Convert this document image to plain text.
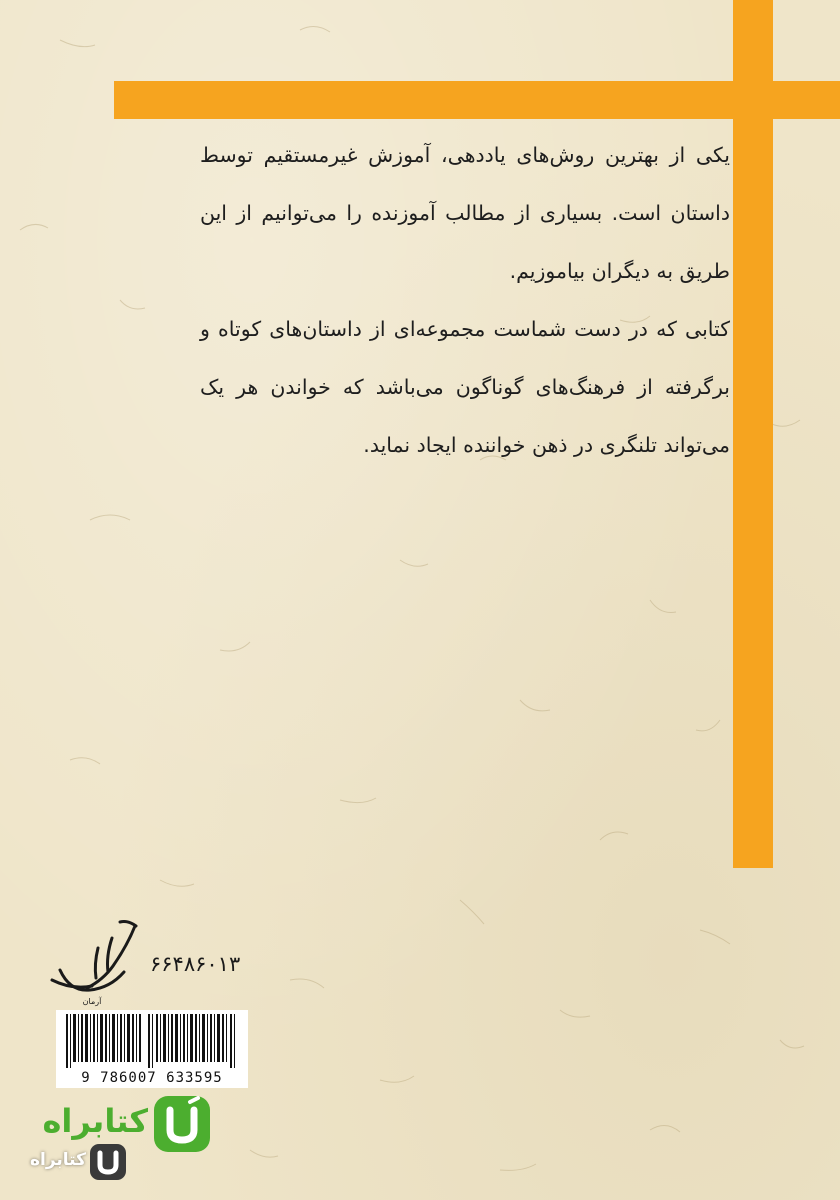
یکی از بهترین روش‌های یاددهی، آموزش غیرمستقیم توسط داستان است. بسیاری از مطالب آموزنده را می‌توانیم از این طریق به دیگران بیاموزیم.

کتابی که در دست شماست مجموعه‌ای از داستان‌های کوتاه و برگرفته از فرهنگ‌های گوناگون می‌باشد که خواندن هر یک می‌تواند تلنگری در ذهن خواننده ایجاد نماید.

آرمان
۶۶۴۸۶۰۱۳
9 786007 633595
کتابراه
کتابراه
